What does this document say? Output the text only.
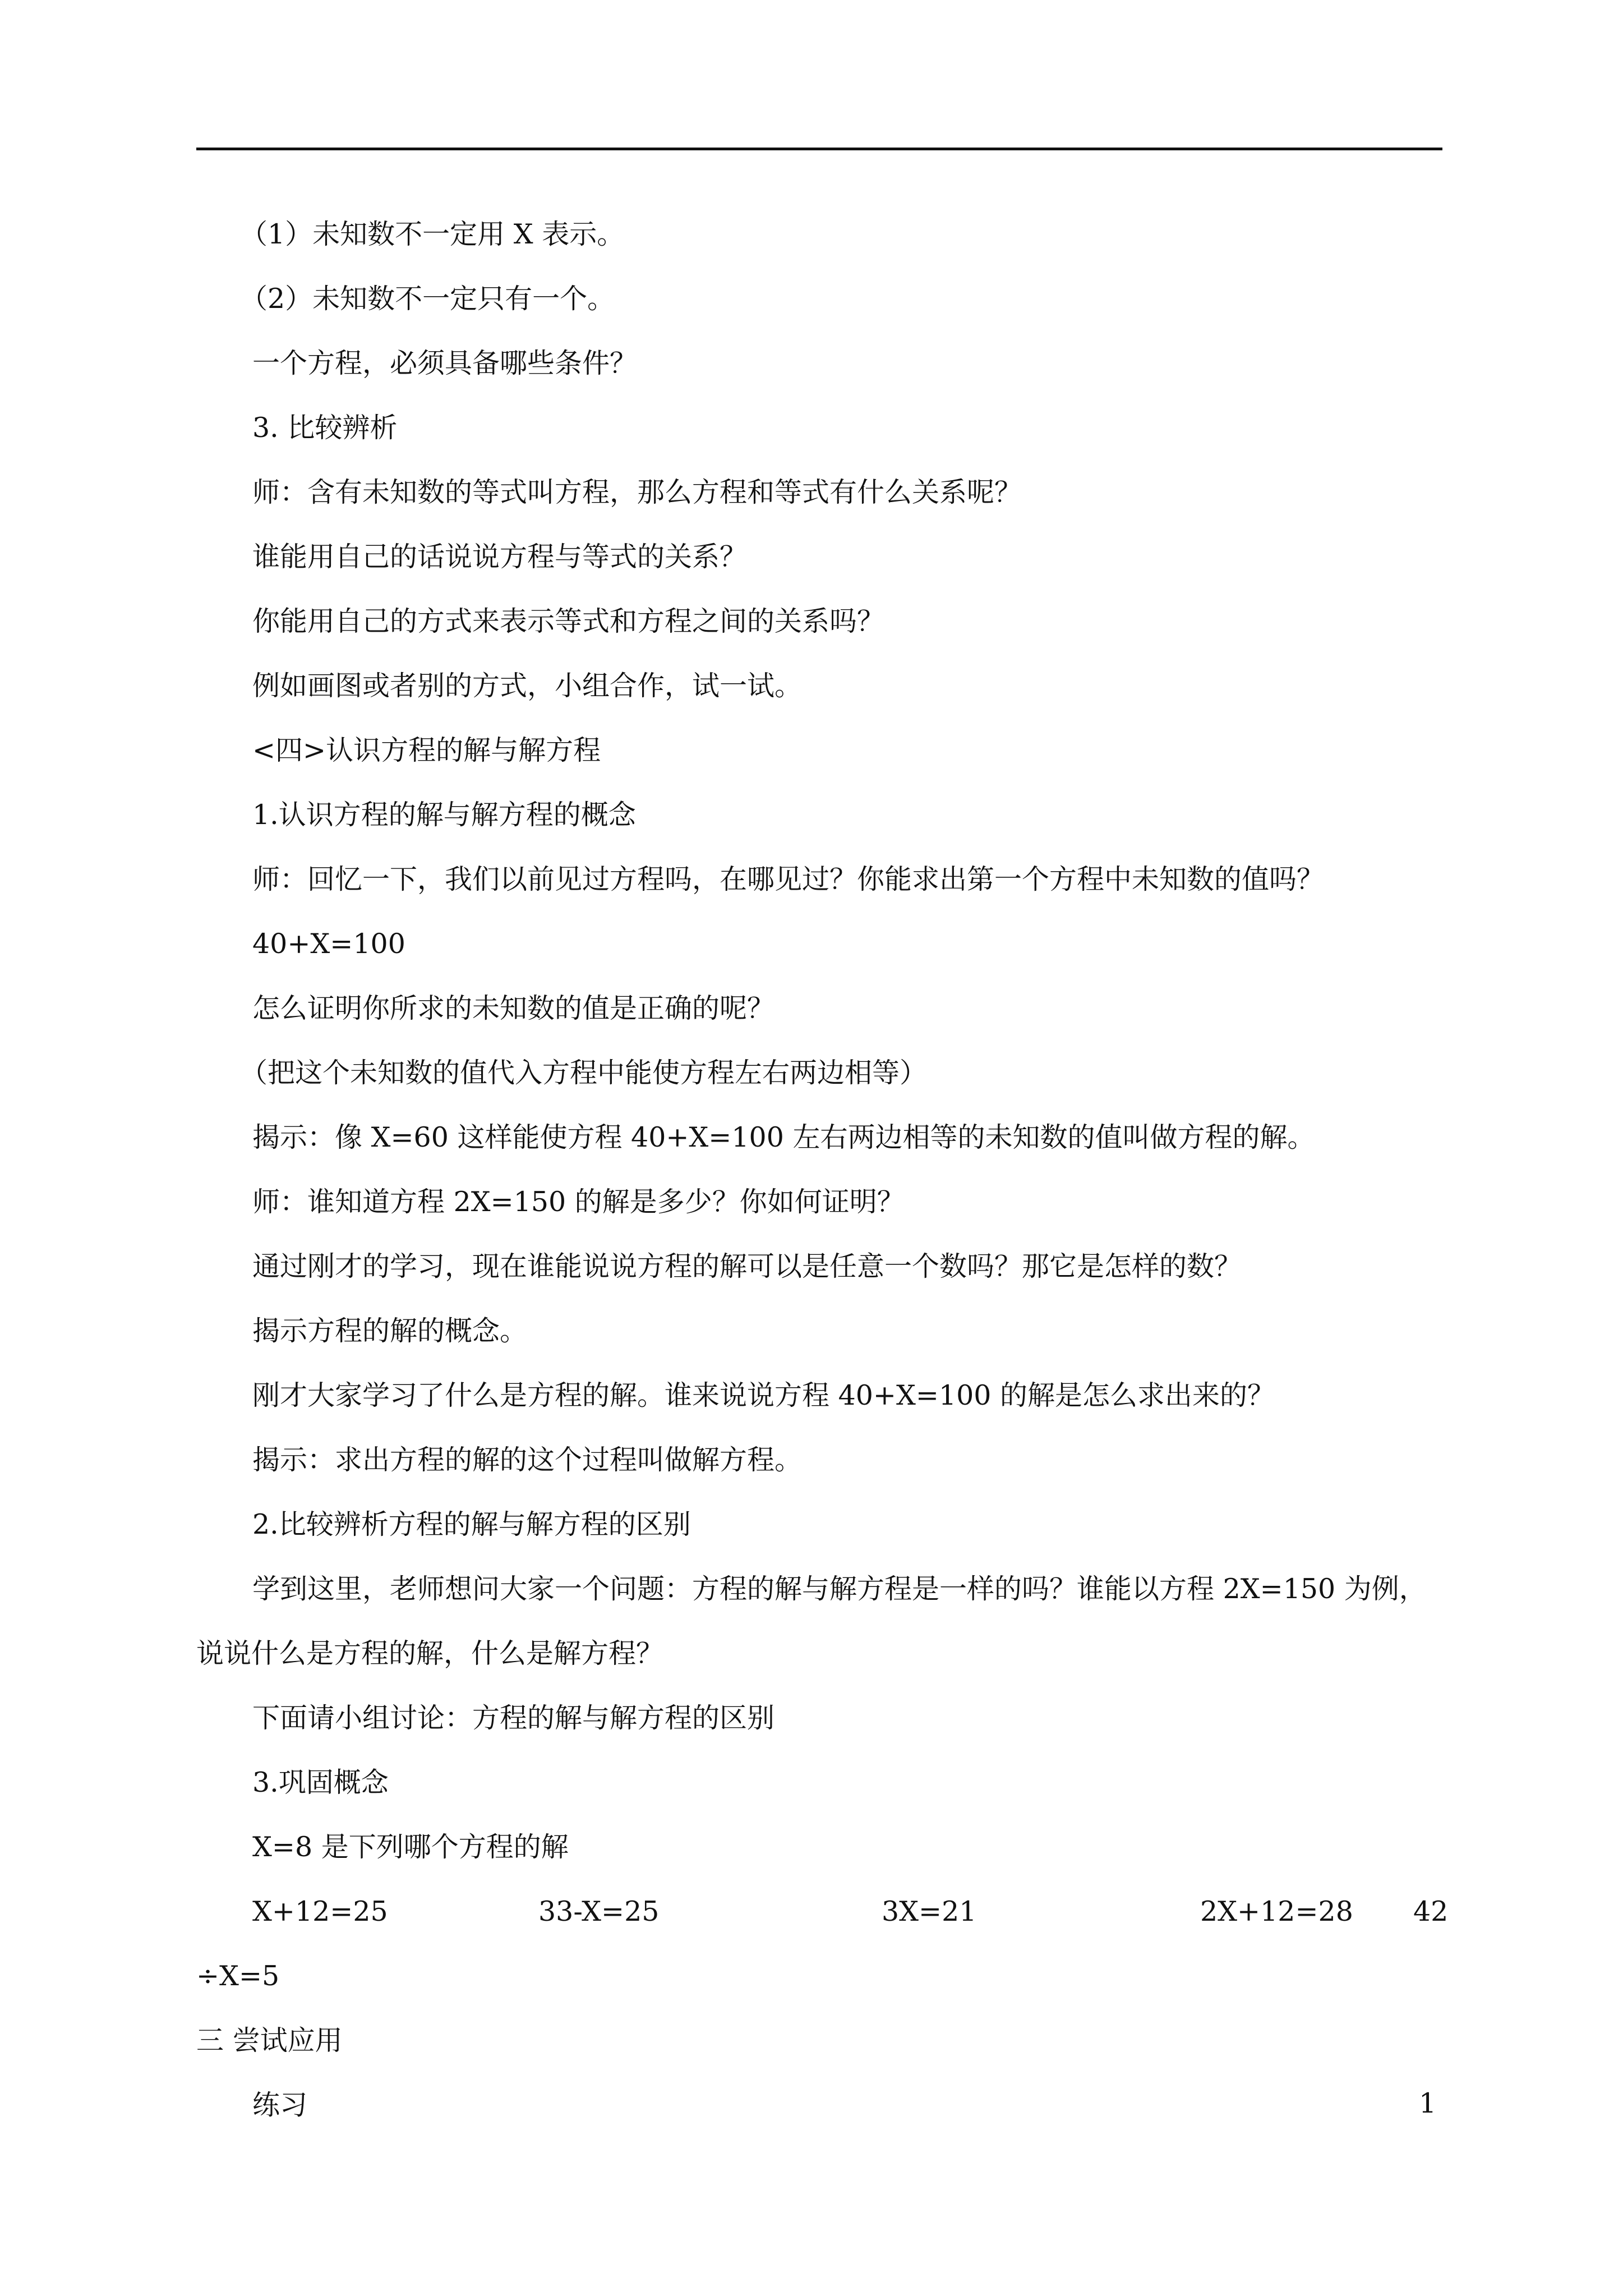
（1）未知数不一定用 X 表示。

（2）未知数不一定只有一个。

一个方程，必须具备哪些条件？

3. 比较辨析

师：含有未知数的等式叫方程，那么方程和等式有什么关系呢？

谁能用自己的话说说方程与等式的关系？

你能用自己的方式来表示等式和方程之间的关系吗？

例如画图或者别的方式，小组合作，试一试。

<四>认识方程的解与解方程

1.认识方程的解与解方程的概念

师：回忆一下，我们以前见过方程吗，在哪见过？你能求出第一个方程中未知数的值吗？

40+X=100

怎么证明你所求的未知数的值是正确的呢？

（把这个未知数的值代入方程中能使方程左右两边相等）

揭示：像 X=60 这样能使方程 40+X=100 左右两边相等的未知数的值叫做方程的解。

师：谁知道方程 2X=150 的解是多少？你如何证明？

通过刚才的学习，现在谁能说说方程的解可以是任意一个数吗？那它是怎样的数？

揭示方程的解的概念。

刚才大家学习了什么是方程的解。谁来说说方程 40+X=100 的解是怎么求出来的？

揭示：求出方程的解的这个过程叫做解方程。

2.比较辨析方程的解与解方程的区别

学到这里，老师想问大家一个问题：方程的解与解方程是一样的吗？谁能以方程 2X=150 为例，说说什么是方程的解，什么是解方程？

下面请小组讨论：方程的解与解方程的区别

3.巩固概念

X=8 是下列哪个方程的解

X+12=25	33-X=25	3X=21	2X+12=28 42

÷X=5

三 尝试应用

练习	1
